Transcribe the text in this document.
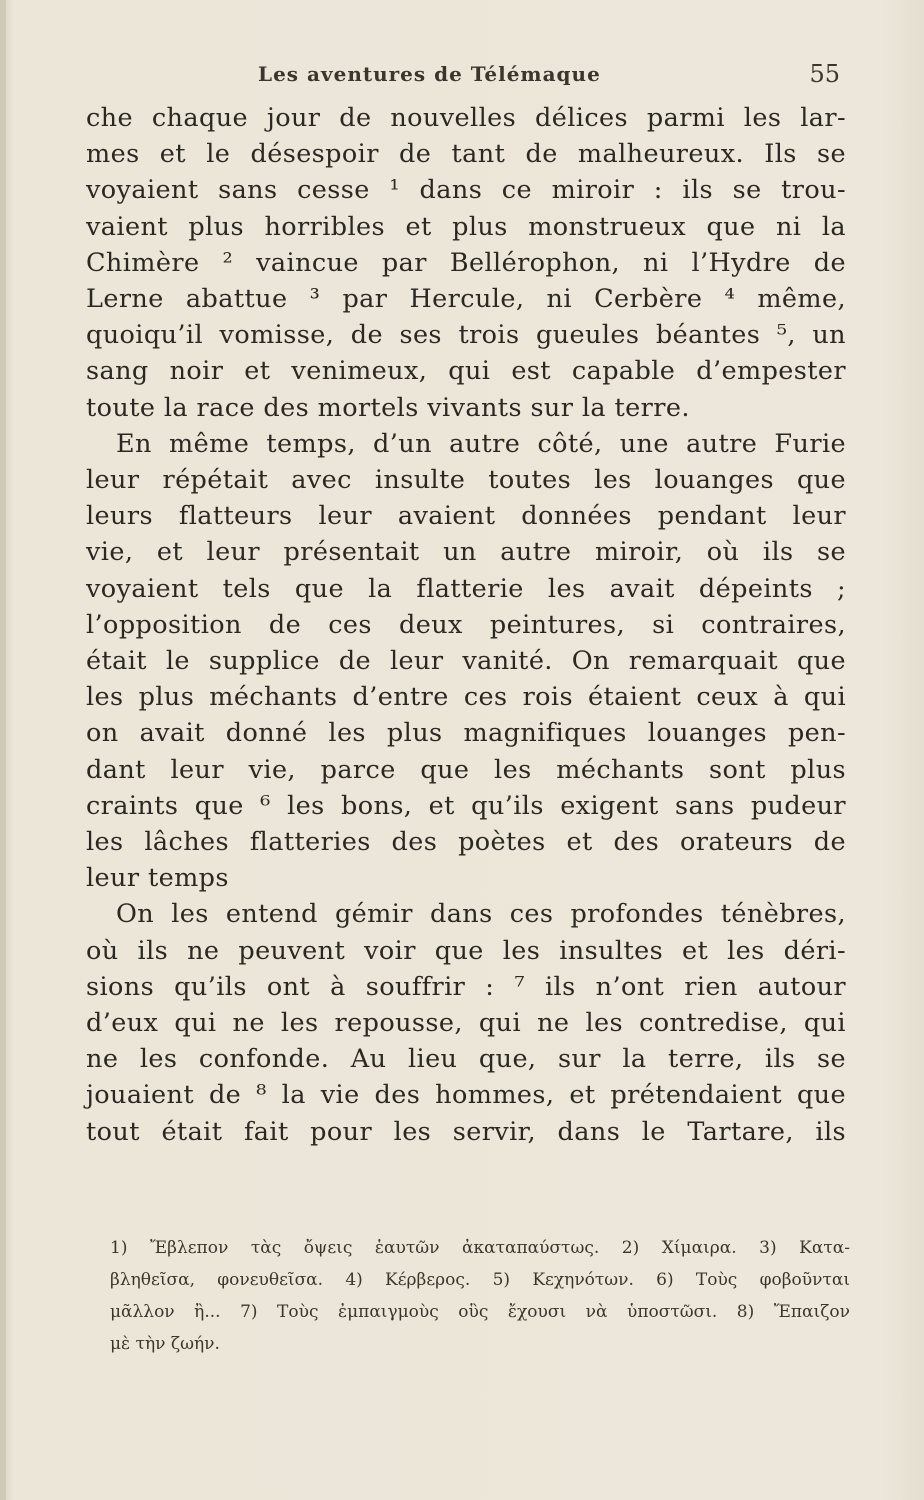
Les aventures de Télémaque	55
che chaque jour de nouvelles délices parmi les lar-
mes et le désespoir de tant de malheureux. Ils se
voyaient sans cesse ¹ dans ce miroir : ils se trou-
vaient plus horribles et plus monstrueux que ni la
Chimère ² vaincue par Bellérophon, ni l’Hydre de
Lerne abattue ³ par Hercule, ni Cerbère ⁴ même,
quoiqu’il vomisse, de ses trois gueules béantes ⁵, un
sang noir et venimeux, qui est capable d’empester
toute la race des mortels vivants sur la terre.
En même temps, d’un autre côté, une autre Furie
leur répétait avec insulte toutes les louanges que
leurs flatteurs leur avaient données pendant leur
vie, et leur présentait un autre miroir, où ils se
voyaient tels que la flatterie les avait dépeints ;
l’opposition de ces deux peintures, si contraires,
était le supplice de leur vanité. On remarquait que
les plus méchants d’entre ces rois étaient ceux à qui
on avait donné les plus magnifiques louanges pen-
dant leur vie, parce que les méchants sont plus
craints que ⁶ les bons, et qu’ils exigent sans pudeur
les lâches flatteries des poètes et des orateurs de
leur temps
On les entend gémir dans ces profondes ténèbres,
où ils ne peuvent voir que les insultes et les déri-
sions qu’ils ont à souffrir : ⁷ ils n’ont rien autour
d’eux qui ne les repousse, qui ne les contredise, qui
ne les confonde. Au lieu que, sur la terre, ils se
jouaient de ⁸ la vie des hommes, et prétendaient que
tout était fait pour les servir, dans le Tartare, ils
1) Ἔβλεπον τὰς ὄψεις ἑαυτῶν ἀκαταπαύστως. 2) Χίμαιρα. 3) Κατα-
βληθεῖσα, φονευθεῖσα. 4) Κέρβερος. 5) Κεχηνότων. 6) Τοὺς φοβοῦνται
μᾶλλον ἢ... 7) Τοὺς ἐμπαιγμοὺς οὓς ἔχουσι νὰ ὑποστῶσι. 8) Ἔπαιζον
μὲ τὴν ζωήν.
